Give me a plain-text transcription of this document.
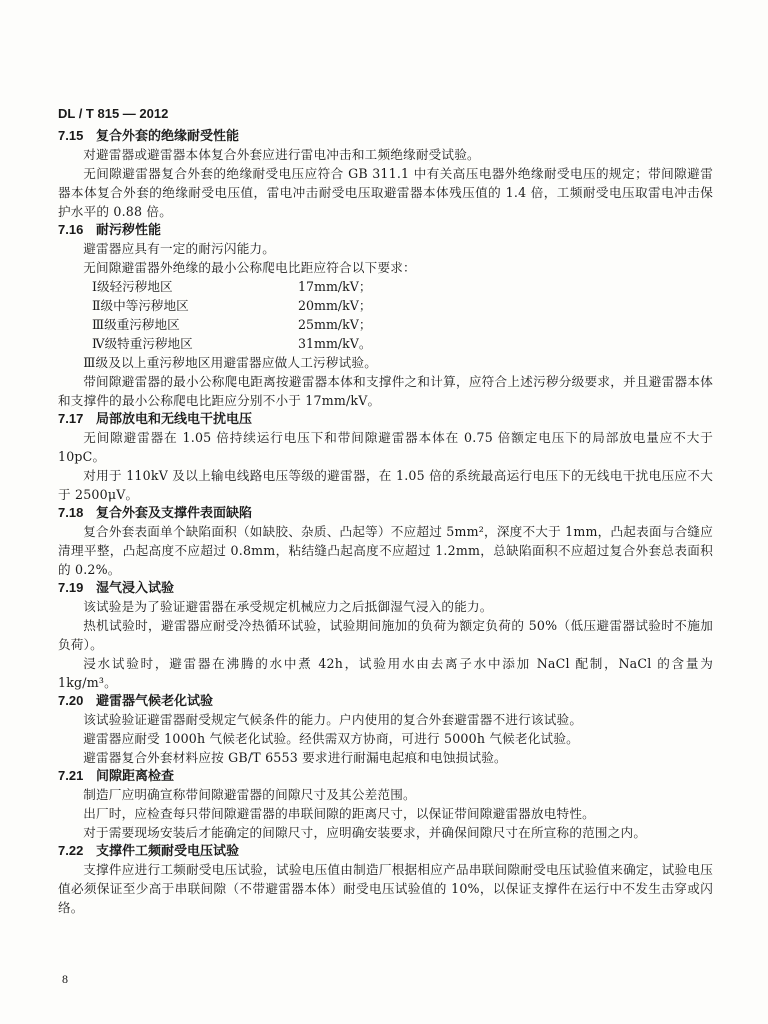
DL / T 815 — 2012
7.15 复合外套的绝缘耐受性能

对避雷器或避雷器本体复合外套应进行雷电冲击和工频绝缘耐受试验。

无间隙避雷器复合外套的绝缘耐受电压应符合 GB 311.1 中有关高压电器外绝缘耐受电压的规定；带间隙避雷器本体复合外套的绝缘耐受电压值，雷电冲击耐受电压取避雷器本体残压值的 1.4 倍，工频耐受电压取雷电冲击保护水平的 0.88 倍。

7.16 耐污秽性能

避雷器应具有一定的耐污闪能力。

无间隙避雷器外绝缘的最小公称爬电比距应符合以下要求：

Ⅰ级轻污秽地区	17mm/kV；
Ⅱ级中等污秽地区	20mm/kV；
Ⅲ级重污秽地区	25mm/kV；
Ⅳ级特重污秽地区	31mm/kV。

Ⅲ级及以上重污秽地区用避雷器应做人工污秽试验。

带间隙避雷器的最小公称爬电距离按避雷器本体和支撑件之和计算，应符合上述污秽分级要求，并且避雷器本体和支撑件的最小公称爬电比距应分别不小于 17mm/kV。

7.17 局部放电和无线电干扰电压

无间隙避雷器在 1.05 倍持续运行电压下和带间隙避雷器本体在 0.75 倍额定电压下的局部放电量应不大于 10pC。

对用于 110kV 及以上输电线路电压等级的避雷器，在 1.05 倍的系统最高运行电压下的无线电干扰电压应不大于 2500μV。

7.18 复合外套及支撑件表面缺陷

复合外套表面单个缺陷面积（如缺胶、杂质、凸起等）不应超过 5mm²，深度不大于 1mm，凸起表面与合缝应清理平整，凸起高度不应超过 0.8mm，粘结缝凸起高度不应超过 1.2mm，总缺陷面积不应超过复合外套总表面积的 0.2%。

7.19 湿气浸入试验

该试验是为了验证避雷器在承受规定机械应力之后抵御湿气浸入的能力。

热机试验时，避雷器应耐受冷热循环试验，试验期间施加的负荷为额定负荷的 50%（低压避雷器试验时不施加负荷）。

浸水试验时，避雷器在沸腾的水中煮 42h，试验用水由去离子水中添加 NaCl 配制，NaCl 的含量为 1kg/m³。

7.20 避雷器气候老化试验

该试验验证避雷器耐受规定气候条件的能力。户内使用的复合外套避雷器不进行该试验。

避雷器应耐受 1000h 气候老化试验。经供需双方协商，可进行 5000h 气候老化试验。

避雷器复合外套材料应按 GB/T 6553 要求进行耐漏电起痕和电蚀损试验。

7.21 间隙距离检查

制造厂应明确宣称带间隙避雷器的间隙尺寸及其公差范围。

出厂时，应检查每只带间隙避雷器的串联间隙的距离尺寸，以保证带间隙避雷器放电特性。

对于需要现场安装后才能确定的间隙尺寸，应明确安装要求，并确保间隙尺寸在所宣称的范围之内。

7.22 支撑件工频耐受电压试验

支撑件应进行工频耐受电压试验，试验电压值由制造厂根据相应产品串联间隙耐受电压试验值来确定，试验电压值必须保证至少高于串联间隙（不带避雷器本体）耐受电压试验值的 10%，以保证支撑件在运行中不发生击穿或闪络。

8
